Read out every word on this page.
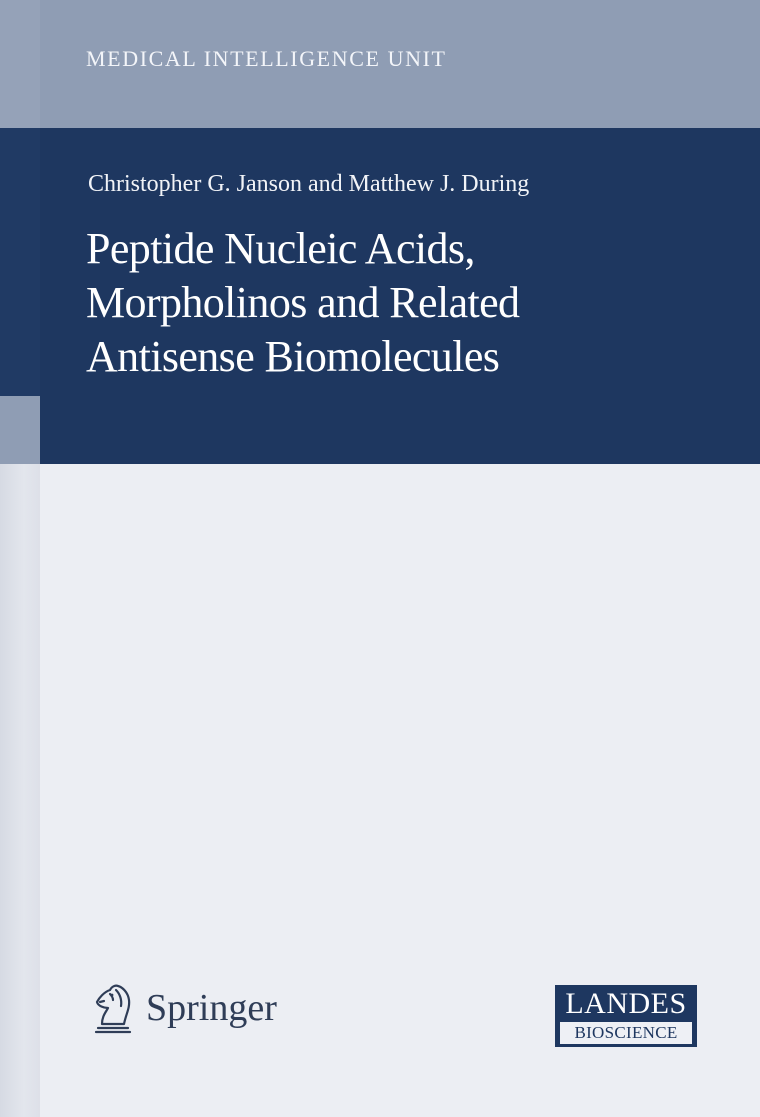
MEDICAL INTELLIGENCE UNIT
Christopher G. Janson and Matthew J. During
Peptide Nucleic Acids,
Morpholinos and Related
Antisense Biomolecules
Springer	LANDES
BIOSCIENCE
